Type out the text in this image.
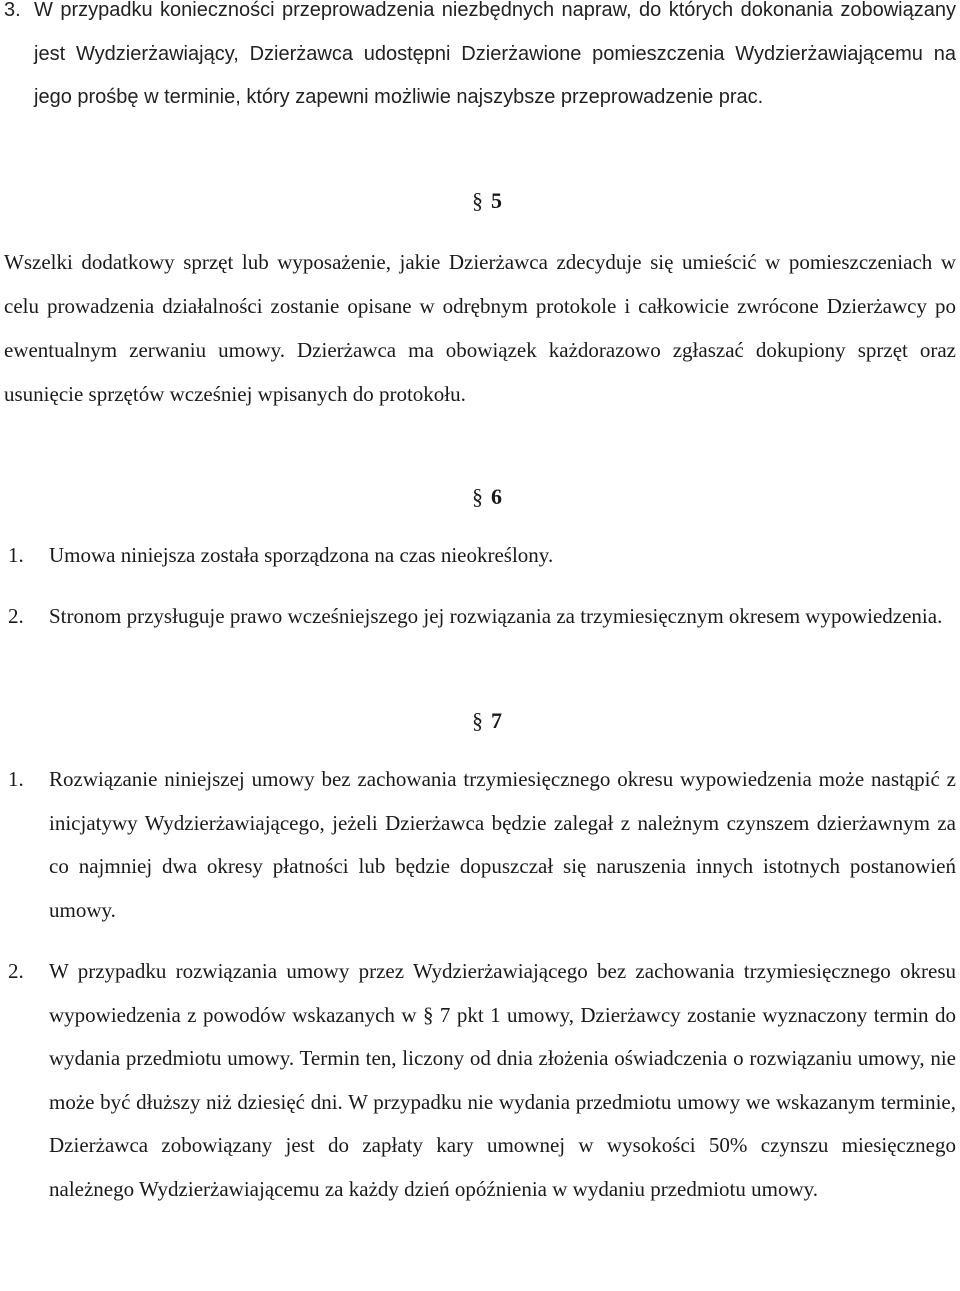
3. W przypadku konieczności przeprowadzenia niezbędnych napraw, do których dokonania zobowiązany jest Wydzierżawiający, Dzierżawca udostępni Dzierżawione pomieszczenia Wydzierżawiającemu na jego prośbę w terminie, który zapewni możliwie najszybsze przeprowadzenie prac.
§ 5
Wszelki dodatkowy sprzęt lub wyposażenie, jakie Dzierżawca zdecyduje się umieścić w pomieszczeniach w celu prowadzenia działalności zostanie opisane w odrębnym protokole i całkowicie zwrócone Dzierżawcy po ewentualnym zerwaniu umowy. Dzierżawca ma obowiązek każdorazowo zgłaszać dokupiony sprzęt oraz usunięcie sprzętów wcześniej wpisanych do protokołu.
§ 6
1. Umowa niniejsza została sporządzona na czas nieokreślony.
2. Stronom przysługuje prawo wcześniejszego jej rozwiązania za trzymiesięcznym okresem wypowiedzenia.
§ 7
1. Rozwiązanie niniejszej umowy bez zachowania trzymiesięcznego okresu wypowiedzenia może nastąpić z inicjatywy Wydzierżawiającego, jeżeli Dzierżawca będzie zalegał z należnym czynszem dzierżawnym za co najmniej dwa okresy płatności lub będzie dopuszczał się naruszenia innych istotnych postanowień umowy.
2. W przypadku rozwiązania umowy przez Wydzierżawiającego bez zachowania trzymiesięcznego okresu wypowiedzenia z powodów wskazanych w § 7 pkt 1 umowy, Dzierżawcy zostanie wyznaczony termin do wydania przedmiotu umowy. Termin ten, liczony od dnia złożenia oświadczenia o rozwiązaniu umowy, nie może być dłuższy niż dziesięć dni. W przypadku nie wydania przedmiotu umowy we wskazanym terminie, Dzierżawca zobowiązany jest do zapłaty kary umownej w wysokości 50% czynszu miesięcznego należnego Wydzierżawiającemu za każdy dzień opóźnienia w wydaniu przedmiotu umowy.
